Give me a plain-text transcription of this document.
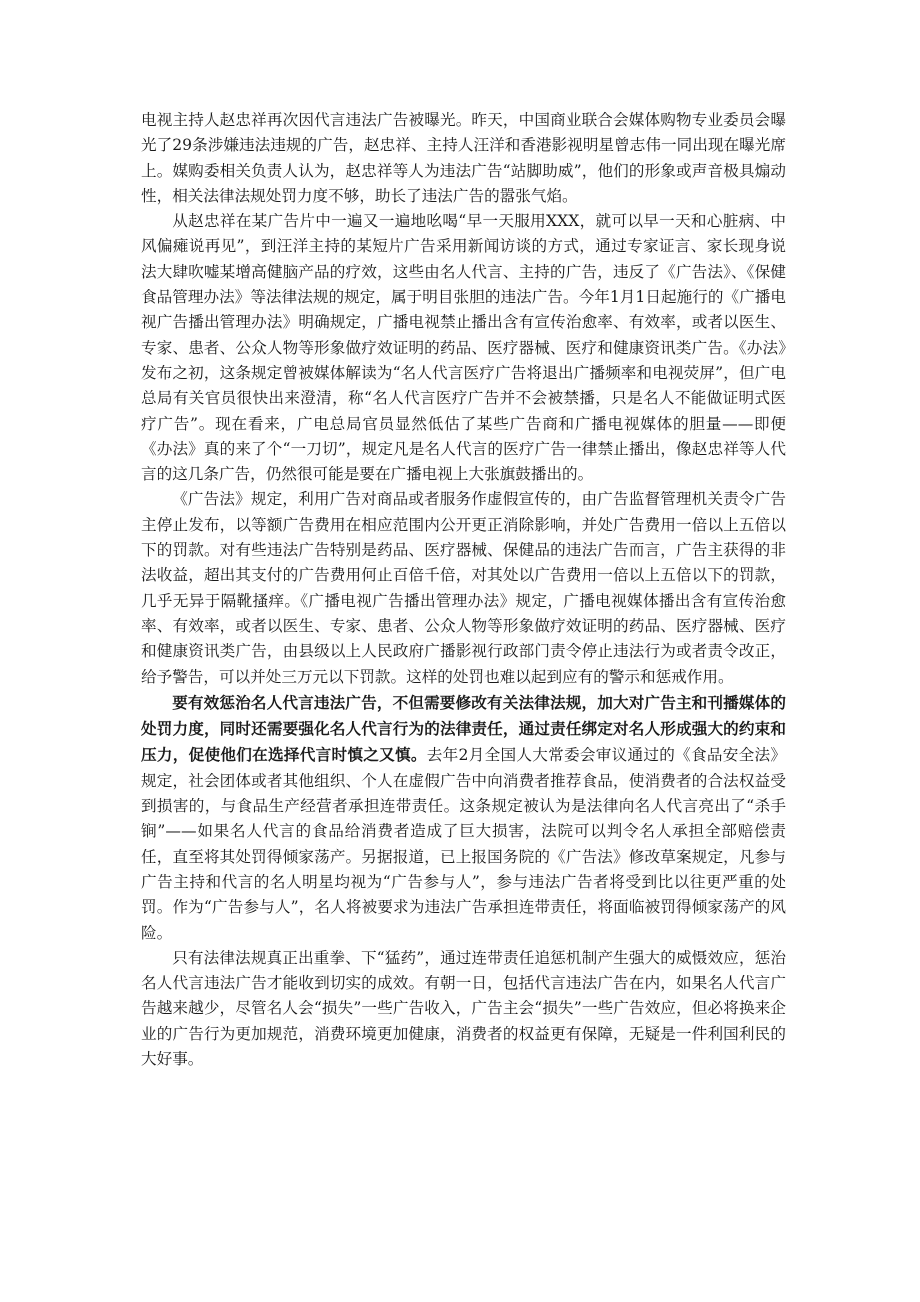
电视主持人赵忠祥再次因代言违法广告被曝光。昨天，中国商业联合会媒体购物专业委员会曝光了29条涉嫌违法违规的广告，赵忠祥、主持人汪洋和香港影视明星曾志伟一同出现在曝光席上。媒购委相关负责人认为，赵忠祥等人为违法广告“站脚助威”，他们的形象或声音极具煽动性，相关法律法规处罚力度不够，助长了违法广告的嚣张气焰。

从赵忠祥在某广告片中一遍又一遍地吆喝“早一天服用XXX，就可以早一天和心脏病、中风偏瘫说再见”，到汪洋主持的某短片广告采用新闻访谈的方式，通过专家证言、家长现身说法大肆吹嘘某增高健脑产品的疗效，这些由名人代言、主持的广告，违反了《广告法》、《保健食品管理办法》等法律法规的规定，属于明目张胆的违法广告。今年1月1日起施行的《广播电视广告播出管理办法》明确规定，广播电视禁止播出含有宣传治愈率、有效率，或者以医生、专家、患者、公众人物等形象做疗效证明的药品、医疗器械、医疗和健康资讯类广告。《办法》发布之初，这条规定曾被媒体解读为“名人代言医疗广告将退出广播频率和电视荧屏”，但广电总局有关官员很快出来澄清，称“名人代言医疗广告并不会被禁播，只是名人不能做证明式医疗广告”。现在看来，广电总局官员显然低估了某些广告商和广播电视媒体的胆量——即便《办法》真的来了个“一刀切”，规定凡是名人代言的医疗广告一律禁止播出，像赵忠祥等人代言的这几条广告，仍然很可能是要在广播电视上大张旗鼓播出的。

《广告法》规定，利用广告对商品或者服务作虚假宣传的，由广告监督管理机关责令广告主停止发布，以等额广告费用在相应范围内公开更正消除影响，并处广告费用一倍以上五倍以下的罚款。对有些违法广告特别是药品、医疗器械、保健品的违法广告而言，广告主获得的非法收益，超出其支付的广告费用何止百倍千倍，对其处以广告费用一倍以上五倍以下的罚款，几乎无异于隔靴搔痒。《广播电视广告播出管理办法》规定，广播电视媒体播出含有宣传治愈率、有效率，或者以医生、专家、患者、公众人物等形象做疗效证明的药品、医疗器械、医疗和健康资讯类广告，由县级以上人民政府广播影视行政部门责令停止违法行为或者责令改正，给予警告，可以并处三万元以下罚款。这样的处罚也难以起到应有的警示和惩戒作用。

要有效惩治名人代言违法广告，不但需要修改有关法律法规，加大对广告主和刊播媒体的处罚力度，同时还需要强化名人代言行为的法律责任，通过责任绑定对名人形成强大的约束和压力，促使他们在选择代言时慎之又慎。去年2月全国人大常委会审议通过的《食品安全法》规定，社会团体或者其他组织、个人在虚假广告中向消费者推荐食品，使消费者的合法权益受到损害的，与食品生产经营者承担连带责任。这条规定被认为是法律向名人代言亮出了“杀手锏”——如果名人代言的食品给消费者造成了巨大损害，法院可以判令名人承担全部赔偿责任，直至将其处罚得倾家荡产。另据报道，已上报国务院的《广告法》修改草案规定，凡参与广告主持和代言的名人明星均视为“广告参与人”，参与违法广告者将受到比以往更严重的处罚。作为“广告参与人”，名人将被要求为违法广告承担连带责任，将面临被罚得倾家荡产的风险。

只有法律法规真正出重拳、下“猛药”，通过连带责任追惩机制产生强大的威慑效应，惩治名人代言违法广告才能收到切实的成效。有朝一日，包括代言违法广告在内，如果名人代言广告越来越少，尽管名人会“损失”一些广告收入，广告主会“损失”一些广告效应，但必将换来企业的广告行为更加规范，消费环境更加健康，消费者的权益更有保障，无疑是一件利国利民的大好事。
